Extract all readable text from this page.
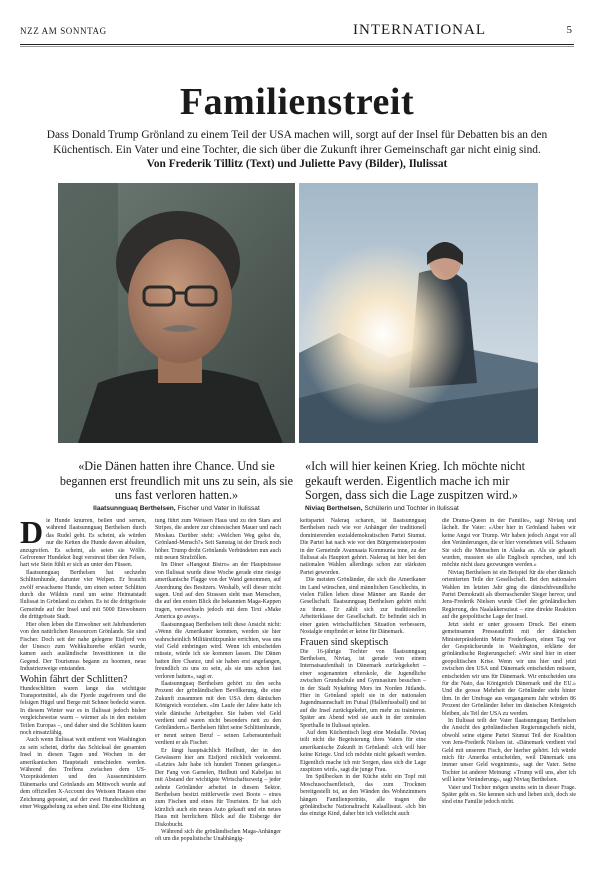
NZZ AM SONNTAG	INTERNATIONAL	5
Familienstreit
Dass Donald Trump Grönland zu einem Teil der USA machen will, sorgt auf der Insel für Debatten bis an den Küchentisch. Ein Vater und eine Tochter, die sich über die Zukunft ihrer Gemeinschaft gar nicht einig sind.
Von Frederik Tillitz (Text) und Juliette Pavy (Bilder), Ilulissat
«Die Dänen hatten ihre Chance. Und sie begannen erst freundlich mit uns zu sein, als sie uns fast verloren hatten.»
«Ich will hier keinen Krieg. Ich möchte nicht gekauft werden. Eigentlich mache ich mir Sorgen, dass sich die Lage zuspitzen wird.»
Ilaatsunnguaq Berthelsen, Fischer und Vater in Ilulissat	Niviaq Berthelsen, Schülerin und Tochter in Ilulissat

Die Hunde knurren, bellen und sernen, während Ilaatsunnguaq Berthelsen durch das Rudel geht. Es scheint, als würden nur die Ketten die Hunde davon abhalten, anzugreifen. Es scheint, als seien sie Wölfe. Gefrorener Hundekot liegt verstreut über den Felsen, hart wie Stein fühlt er sich an unter den Füssen.

Ilaatsunnguaq Berthelsen hat sechzehn Schlittenhunde, darunter vier Welpen. Er braucht zwölf erwachsene Hunde, um einen seiner Schlitten durch die Wildnis rund um seine Heimatstadt Ilulissat in Grönland zu ziehen. Es ist die drittgrösste Gemeinde auf der Insel und mit 5000 Einwohnern die drittgrösste Stadt.

Hier oben leben die Einwohner seit Jahrhunderten von den natürlichen Ressourcen Grönlands. Sie sind Fischer. Doch seit der nahe gelegene Eisfjord von der Unesco zum Weltkulturerbe erklärt wurde, kamen auch ausländische Investitionen in die Gegend. Der Tourismus begann zu boomen, neue Industriezweige entstanden.

Wohin fährt der Schlitten?

Hundeschlitten waren lange das wichtigste Transportmittel, als die Fjorde zugefroren und die felsigen Hügel und Berge mit Schnee bedeckt waren. In diesem Winter war es in Ilulissat jedoch bisher vergleichsweise warm – wärmer als in den meisten Teilen Europas –, und daher sind die Schlitten kaum noch einsatzfähig.

Auch wenn Ilulissat weit entfernt von Washington zu sein scheint, dürfte das Schicksal der gesamten Insel in diesen Tagen und Wochen in der amerikanischen Hauptstadt entschieden werden. Während des Treffens zwischen dem US-Vizepräsidenten und den Aussenministern Dänemarks und Grönlands am Mittwoch wurde auf dem offiziellen X-Account des Weissen Hauses eine Zeichnung gepostet, auf der zwei Hundeschlitten an einer Weggabelung zu sehen sind. Die eine Richtung

tung führt zum Weissen Haus und zu den Stars and Stripes, die andere zur chinesischen Mauer und nach Moskau. Darüber steht: «Welchen Weg gehst du, Grönland-Mensch?» Seit Samstag ist der Druck noch höher. Trump droht Grönlands Verbündeten nun auch mit neuen Strafzöllen.

Im Diner «Hangout Bistro» an der Hauptstrasse von Ilulissat wurde diese Woche gerade eine riesige amerikanische Flagge von der Wand genommen, auf Anordnung des Besitzers. Weshalb, will dieser nicht sagen. Und auf den Strassen sieht man Menschen, die auf den ersten Blick die bekannten Maga-Kappen tragen, verwechseln jedoch mit dem Text «Make America go away».

Ilaatsunnguaq Berthelsen teilt diese Ansicht nicht: «Wenn die Amerikaner kommen, werden sie hier wahrscheinlich Militärstützpunkte errichten, was uns viel Geld einbringen wird. Wenn ich entscheiden müsste, würde ich sie kommen lassen. Die Dänen hatten ihre Chance, und sie haben erst angefangen, freundlich zu uns zu sein, als sie uns schon fast verloren hatten», sagt er.

Ilaatsunnguaq Berthelsen gehört zu den sechs Prozent der grönländischen Bevölkerung, die eine Zukunft zusammen mit den USA dem dänischen Königreich vorziehen. «Im Laufe der Jahre hatte ich viele dänische Arbeitgeber. Sie haben viel Geld verdient und waren nicht besonders nett zu den Grönländern.» Berthelsen führt seine Schlittenhunde, er nennt seinen Beruf – seinen Lebensunterhalt verdient er als Fischer.

Er fängt hauptsächlich Heilbutt, der in den Gewässern hier am Eisfjord reichlich vorkommt. «Letztes Jahr habe ich hundert Tonnen gefangen.» Der Fang von Garnelen, Heilbutt und Kabeljau ist mit Abstand der wichtigste Wirtschaftszweig – jeder zehnte Grönländer arbeitet in diesem Sektor. Berthelsen besitzt mittlerweile zwei Boote – eines zum Fischen und eines für Touristen. Er hat sich kürzlich auch ein neues Auto gekauft und ein neues Haus mit herrlichem Blick auf die Eisberge der Diskobucht.

Während sich die grönländischen Maga-Anhänger oft um die populistische Unabhängig-

keitspartei Naleraq scharen, ist Ilaatsunnguaq Berthelsen nach wie vor Anhänger der traditionell dominierenden sozialdemokratischen Partei Siumut. Die Partei hat nach wie vor den Bürgermeisterposten in der Gemeinde Avannaata Kommunia inne, zu der Ilulissat als Hauptort gehört. Naleraq ist hier bei den nationalen Wahlen allerdings schon zur stärksten Partei geworden.

Die meisten Grönländer, die sich die Amerikaner im Land wünschen, sind männlichen Geschlechts, in vielen Fällen leben diese Männer am Rande der Gesellschaft. Ilaatsunnguaq Berthelsen gehört nicht zu ihnen. Er zählt sich zur traditionellen Arbeiterklasse der Gesellschaft. Er befindet sich in einer guten wirtschaftlichen Situation verbessern, Nostalgie empfindet er keine für Dänemark.

Frauen sind skeptisch

Die 16-jährige Tochter von Ilaatsunnguaq Berthelsen, Niviaq, ist gerade von einem Internatsaufenthalt in Dänemark zurückgekehrt – einer sogenannten efterskole, die Jugendliche zwischen Grundschule und Gymnasium besuchen – in der Stadt Nykøbing Mors im Norden Jütlands. Hier in Grönland spielt sie in der nationalen Jugendmannschaft im Futsal (Hallenfussball) und ist auf die Insel zurückgekehrt, um mehr zu trainieren. Später am Abend wird sie auch in der zentralen Sporthalle in Ilulissat spielen.

Auf dem Küchentisch liegt eine Medaille. Niviaq teilt nicht die Begeisterung ihres Vaters für eine amerikanische Zukunft in Grönland: «Ich will hier keine Kriege. Und ich möchte nicht gekauft werden. Eigentlich mache ich mir Sorgen, dass sich die Lage zuspitzen wird», sagt die junge Frau.

Im Spülbecken in der Küche steht ein Topf mit Moschusochsenfleisch, das zum Trocknen bereitgestellt ist, an den Wänden des Wohnzimmers hängen Familienporträts, alle tragen die grönländische Nationaltracht Kalaallisuut. «Ich bin das einzige Kind, daher bin ich vielleicht auch

die Drama-Queen in der Familie», sagt Niviaq und lächelt. Ihr Vater: «Aber hier in Grönland haben wir keine Angst vor Trump. Wir haben jedoch Angst vor all den Veränderungen, die er hier vornehmen will. Schauen Sie sich die Menschen in Alaska an. Als sie gekauft wurden, mussten sie alle Englisch sprechen, und ich möchte nicht dazu gezwungen werden.»

Niviaq Berthelsen ist ein Beispiel für die eher dänisch orientierten Teile der Gesellschaft. Bei den nationalen Wahlen im letzten Jahr ging die dänischfreundliche Partei Demokratit als überraschender Sieger hervor, und Jens-Frederik Nielsen wurde Chef der grönländischen Regierung, des Naalakkersuisut – eine direkte Reaktion auf die geopolitische Lage der Insel.

Jetzt steht er unter grossem Druck. Bei einem gemeinsamen Presseauftritt mit der dänischen Ministerpräsidentin Mette Frederiksen, einen Tag vor der Gesprächsrunde in Washington, erklärte der grönländische Regierungschef: «Wir sind hier in einer geopolitischen Krise. Wenn wir uns hier und jetzt zwischen den USA und Dänemark entscheiden müssen, entscheiden wir uns für Dänemark. Wir entscheiden uns für die Nato, das Königreich Dänemark und die EU.» Und die grosse Mehrheit der Grönländer steht hinter ihm. In der Umfrage aus vergangenem Jahr würden 86 Prozent der Grönländer lieber im dänischen Königreich bleiben, als Teil der USA zu werden.

In Ilulissat teilt der Vater Ilaatsunnguaq Berthelsen die Ansicht des grönländischen Regierungschefs nicht, obwohl seine eigene Partei Siumut Teil der Koalition von Jens-Frederik Nielsen ist. «Dänemark verdient viel Geld mit unserem Fisch, der hierher gehört. Ich würde mich für Amerika entscheiden, weil Dänemark uns immer unser Geld wegnimmt», sagt der Vater. Seine Tochter ist anderer Meinung: «Trump will uns, aber ich will keine Veränderung», sagt Niviaq Berthelsen.

Vater und Tochter mögen uneins sein in dieser Frage. Später geht es. Sie kennen sich und lieben sich, doch sie sind eine Familie jedoch nicht.
